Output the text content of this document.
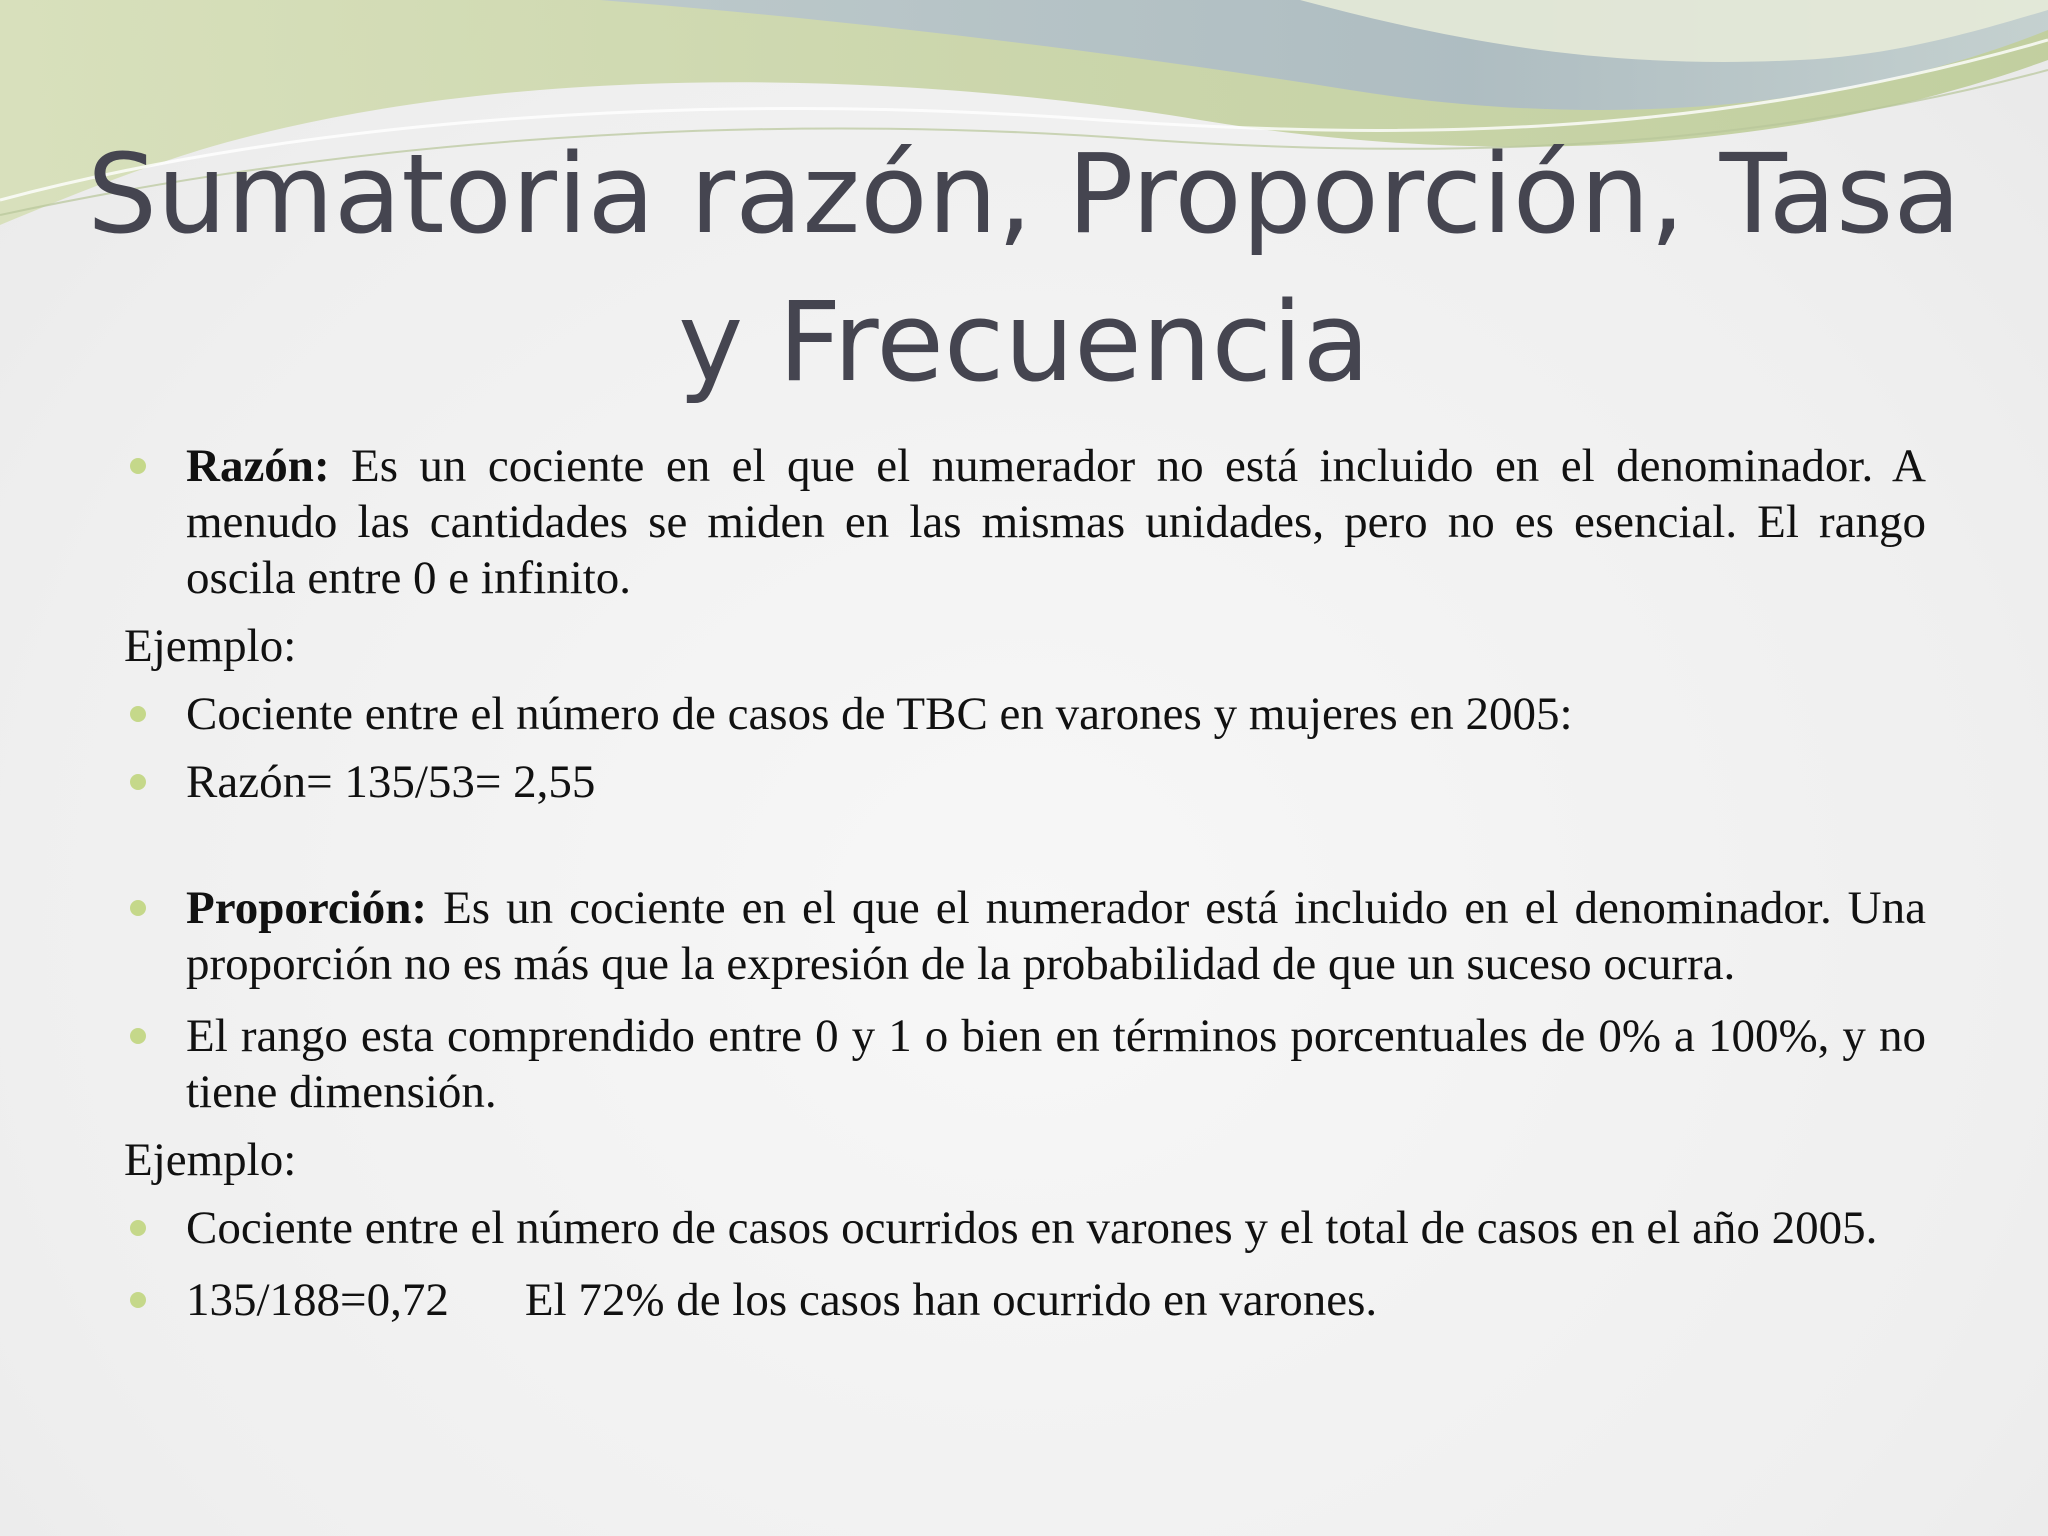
Sumatoria razón, Proporción, Tasa
y Frecuencia
Razón: Es un cociente en el que el numerador no está incluido en el denominador. A menudo las cantidades se miden en las mismas unidades, pero no es esencial. El rango oscila entre 0 e infinito.
Ejemplo:
Cociente entre el número de casos de TBC en varones y mujeres en 2005:
Razón= 135/53= 2,55
Proporción: Es un cociente en el que el numerador está incluido en el denominador. Una proporción no es más que la expresión de la probabilidad de que un suceso ocurra.
El rango esta comprendido entre 0 y 1 o bien en términos porcentuales de 0% a 100%, y no tiene dimensión.
Ejemplo:
Cociente entre el número de casos ocurridos en varones y el total de casos en el año 2005.
135/188=0,72 El 72% de los casos han ocurrido en varones.
